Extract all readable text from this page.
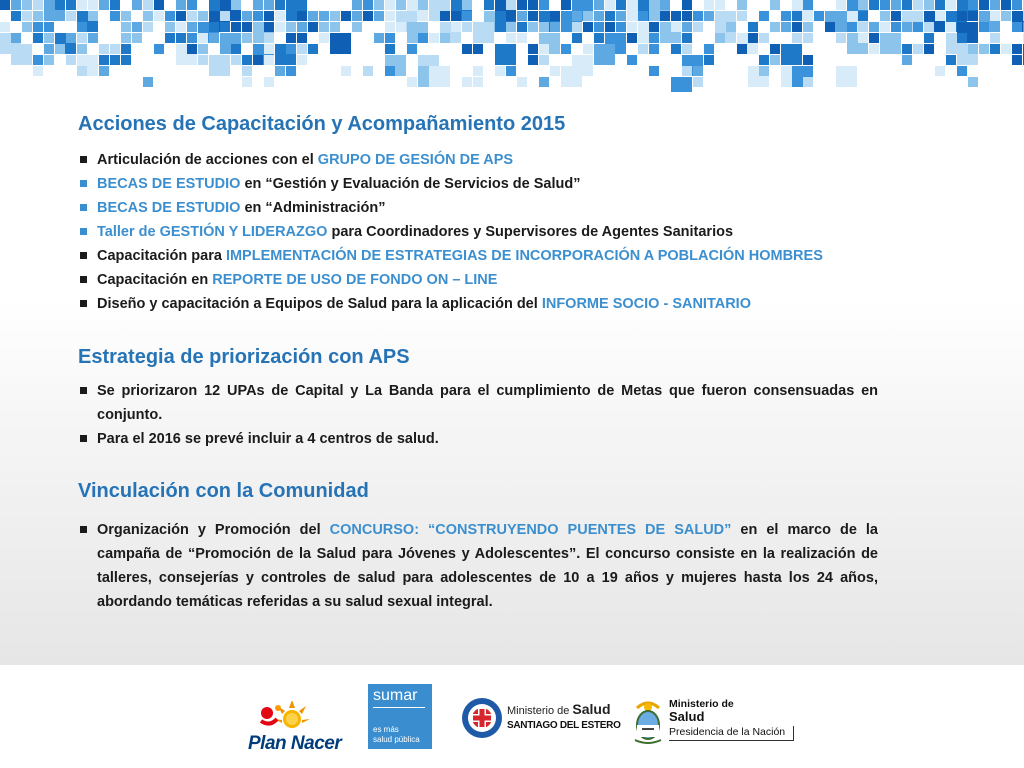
Acciones de Capacitación y Acompañamiento 2015
Articulación de acciones con el GRUPO DE GESIÓN DE APS
BECAS DE ESTUDIO en “Gestión y Evaluación de Servicios de Salud”
BECAS DE ESTUDIO en “Administración”
Taller de GESTIÓN Y LIDERAZGO para Coordinadores y Supervisores de Agentes Sanitarios
Capacitación para IMPLEMENTACIÓN DE ESTRATEGIAS DE INCORPORACIÓN A POBLACIÓN HOMBRES
Capacitación en REPORTE DE USO DE FONDO ON – LINE
Diseño y capacitación a Equipos de Salud para la aplicación del INFORME SOCIO - SANITARIO
Estrategia de priorización con APS
Se priorizaron 12 UPAs de Capital y La Banda para el cumplimiento de Metas que fueron consensuadas en conjunto.
Para el 2016 se prevé incluir a 4 centros de salud.
Vinculación con la Comunidad
Organización y Promoción del CONCURSO: “CONSTRUYENDO PUENTES DE SALUD” en el marco de la campaña de “Promoción de la Salud para Jóvenes y Adolescentes”. El concurso consiste en la realización de talleres, consejerías y controles de salud para adolescentes de 10 a 19 años y mujeres hasta los 24 años, abordando temáticas referidas a su salud sexual integral.
Plan Nacer
sumar
es más
salud pública
Ministerio de Salud
SANTIAGO DEL ESTERO
Ministerio de
Salud
Presidencia de la Nación
